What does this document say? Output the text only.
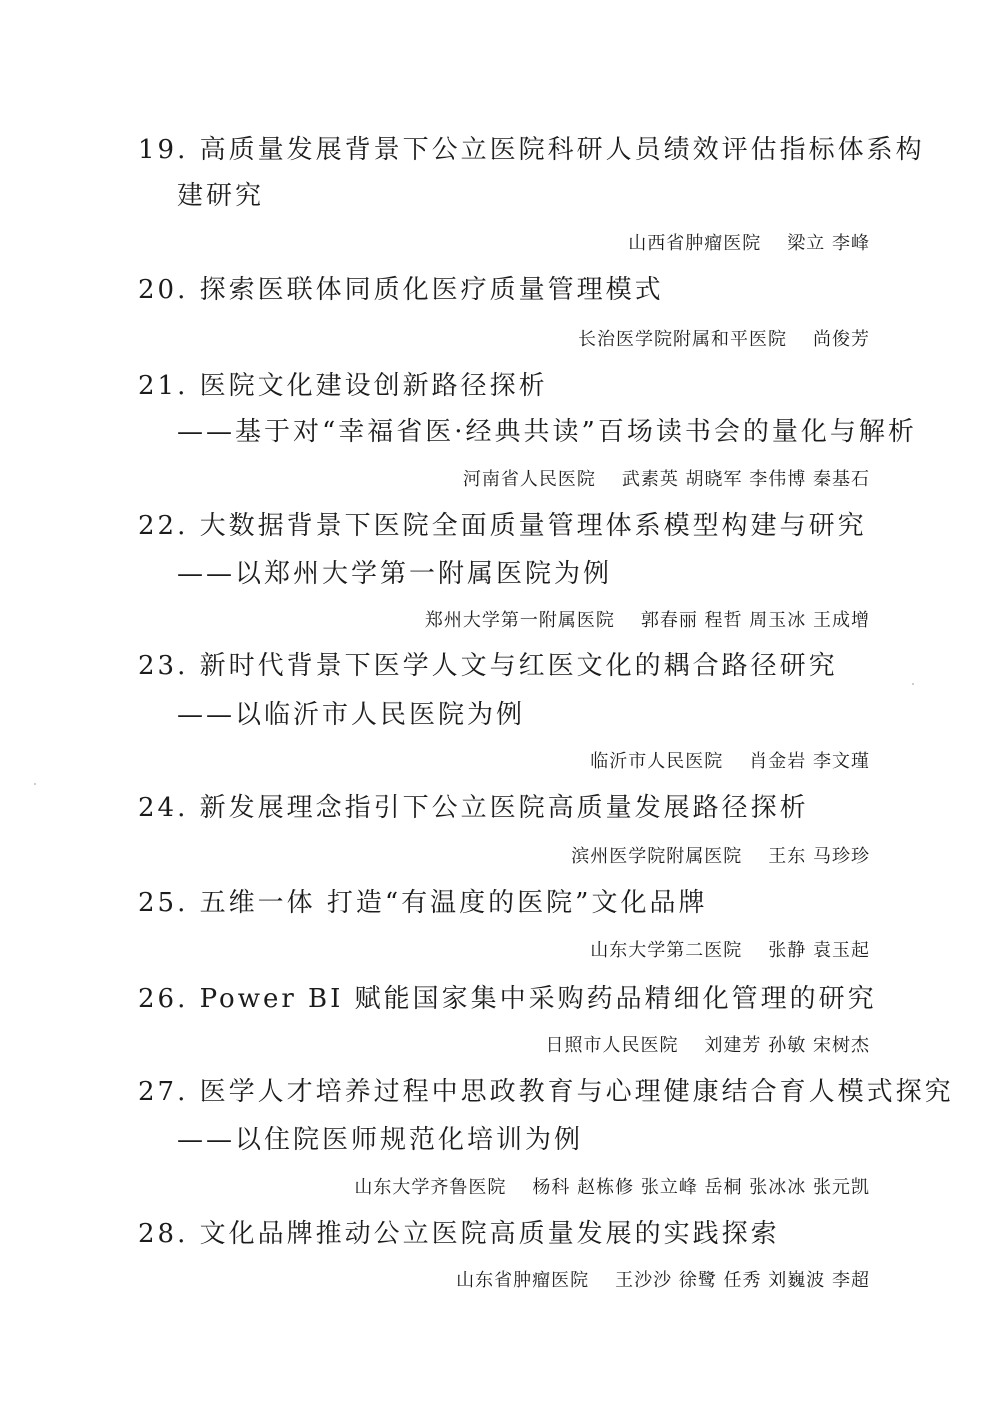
19. 高质量发展背景下公立医院科研人员绩效评估指标体系构
建研究
山西省肿瘤医院 梁立 李峰
20. 探索医联体同质化医疗质量管理模式
长治医学院附属和平医院 尚俊芳
21. 医院文化建设创新路径探析
——基于对“幸福省医·经典共读”百场读书会的量化与解析
河南省人民医院 武素英 胡晓军 李伟博 秦基石
22. 大数据背景下医院全面质量管理体系模型构建与研究
——以郑州大学第一附属医院为例
郑州大学第一附属医院 郭春丽 程哲 周玉冰 王成增
23. 新时代背景下医学人文与红医文化的耦合路径研究
——以临沂市人民医院为例
临沂市人民医院 肖金岩 李文瑾
24. 新发展理念指引下公立医院高质量发展路径探析
滨州医学院附属医院 王东 马珍珍
25. 五维一体 打造“有温度的医院”文化品牌
山东大学第二医院 张静 袁玉起
26. Power BI 赋能国家集中采购药品精细化管理的研究
日照市人民医院 刘建芳 孙敏 宋树杰
27. 医学人才培养过程中思政教育与心理健康结合育人模式探究
——以住院医师规范化培训为例
山东大学齐鲁医院 杨科 赵栋修 张立峰 岳桐 张冰冰 张元凯
28. 文化品牌推动公立医院高质量发展的实践探索
山东省肿瘤医院 王沙沙 徐鹭 任秀 刘巍波 李超
